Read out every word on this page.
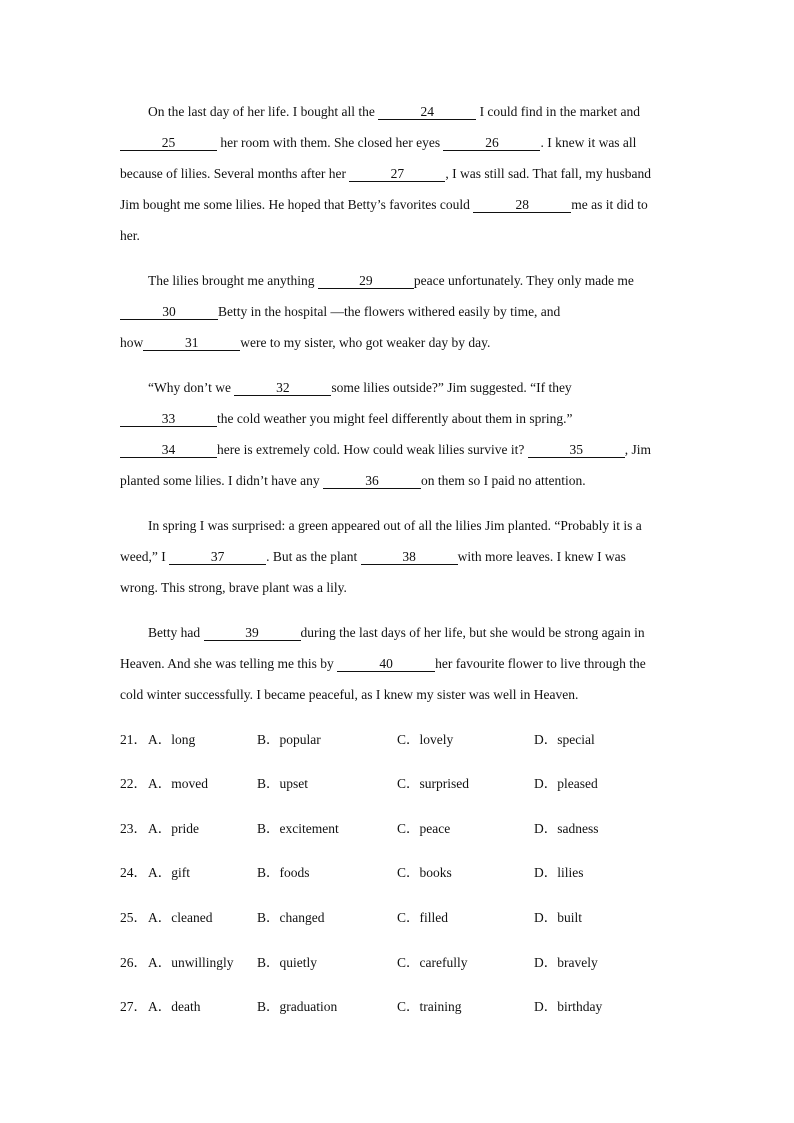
On the last day of her life. I bought all the	24	I could find in the market and
25	her room with them. She closed her eyes	26	. I knew it was all
because of lilies. Several months after her	27	, I was still sad. That fall, my husband
Jim bought me some lilies. He hoped that Betty’s favorites could	28	me as it did to
her.
The lilies brought me anything	29	peace unfortunately. They only made me
30	Betty in the hospital —the flowers withered easily by time, and
how	31	were to my sister, who got weaker day by day.
“Why don’t we	32	some lilies outside?” Jim suggested. “If they
33	the cold weather you might feel differently about them in spring.”
34	here is extremely cold. How could weak lilies survive it?	35	, Jim
planted some lilies. I didn’t have any	36	on them so I paid no attention.
In spring I was surprised: a green appeared out of all the lilies Jim planted. “Probably it is a
weed,” I	37	. But as the plant	38	with more leaves. I knew I was
wrong. This strong, brave plant was a lily.
Betty had	39	during the last days of her life, but she would be strong again in
Heaven. And she was telling me this by	40	her favourite flower to live through the
cold winter successfully. I became peaceful, as I knew my sister was well in Heaven.
21． A．long	B．popular	C．lovely	D．special
22． A．moved	B．upset	C．surprised	D．pleased
23． A．pride	B．excitement	C．peace	D．sadness
24． A．gift	B．foods	C．books	D．lilies
25． A．cleaned	B．changed	C．filled	D．built
26． A．unwillingly B．quietly	C．carefully	D．bravely
27． A．death	B．graduation	C．training	D．birthday
